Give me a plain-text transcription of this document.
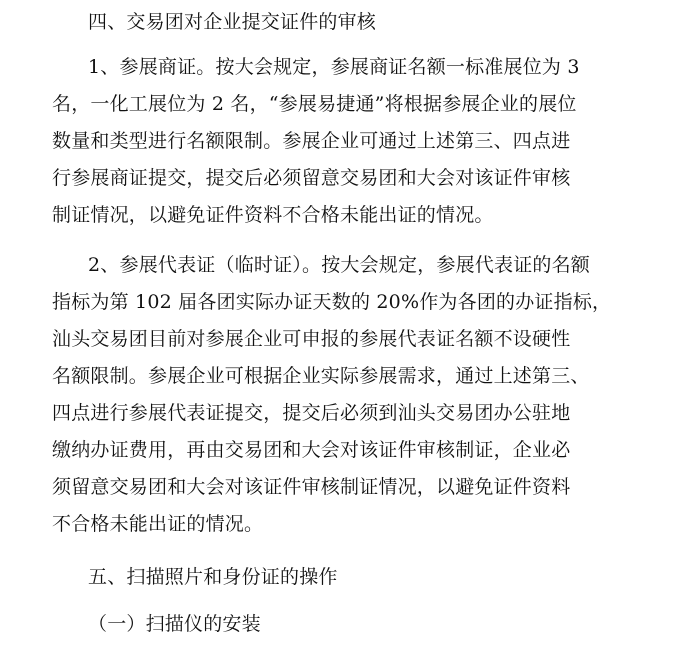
四、交易团对企业提交证件的审核
1、参展商证。按大会规定，参展商证名额一标准展位为 3
名，一化工展位为 2 名，“参展易捷通”将根据参展企业的展位
数量和类型进行名额限制。参展企业可通过上述第三、四点进
行参展商证提交，提交后必须留意交易团和大会对该证件审核
制证情况，以避免证件资料不合格未能出证的情况。
2、参展代表证（临时证）。按大会规定，参展代表证的名额
指标为第 102 届各团实际办证天数的 20%作为各团的办证指标，
汕头交易团目前对参展企业可申报的参展代表证名额不设硬性
名额限制。参展企业可根据企业实际参展需求，通过上述第三、
四点进行参展代表证提交，提交后必须到汕头交易团办公驻地
缴纳办证费用，再由交易团和大会对该证件审核制证，企业必
须留意交易团和大会对该证件审核制证情况，以避免证件资料
不合格未能出证的情况。
五、扫描照片和身份证的操作
（一）扫描仪的安装
